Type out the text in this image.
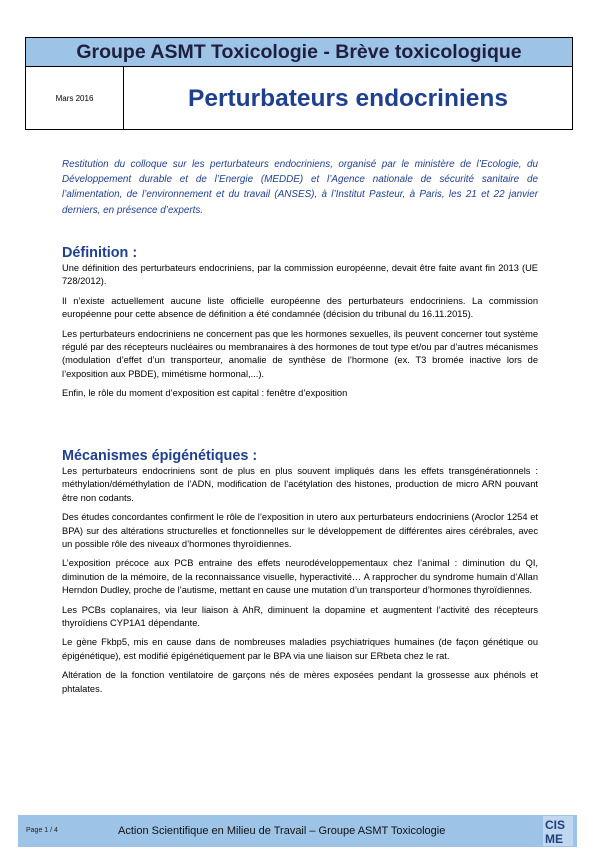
Groupe ASMT Toxicologie - Brève toxicologique
Mars 2016	Perturbateurs endocriniens
Restitution du colloque sur les perturbateurs endocriniens, organisé par le ministère de l’Ecologie, du Développement durable et de l’Energie (MEDDE) et l’Agence nationale de sécurité sanitaire de l’alimentation, de l’environnement et du travail (ANSES), à l’Institut Pasteur, à Paris, les 21 et 22 janvier derniers, en présence d’experts.
Définition :

Une définition des perturbateurs endocriniens, par la commission européenne, devait être faite avant fin 2013 (UE 728/2012).

Il n’existe actuellement aucune liste officielle européenne des perturbateurs endocriniens. La commission européenne pour cette absence de définition a été condamnée (décision du tribunal du 16.11.2015).

Les perturbateurs endocriniens ne concernent pas que les hormones sexuelles, ils peuvent concerner tout système régulé par des récepteurs nucléaires ou membranaires à des hormones de tout type et/ou par d’autres mécanismes (modulation d’effet d’un transporteur, anomalie de synthèse de l’hormone (ex. T3 bromée inactive lors de l’exposition aux PBDE), mimétisme hormonal,...).

Enfin, le rôle du moment d’exposition est capital : fenêtre d’exposition

Mécanismes épigénétiques :

Les perturbateurs endocriniens sont de plus en plus souvent impliqués dans les effets transgénérationnels : méthylation/déméthylation de l’ADN, modification de l’acétylation des histones, production de micro ARN pouvant être non codants.

Des études concordantes confirment le rôle de l’exposition in utero aux perturbateurs endocriniens (Aroclor 1254 et BPA) sur des altérations structurelles et fonctionnelles sur le développement de différentes aires cérébrales, avec un possible rôle des niveaux d’hormones thyroïdiennes.

L’exposition précoce aux PCB entraine des effets neurodéveloppementaux chez l’animal : diminution du QI, diminution de la mémoire, de la reconnaissance visuelle, hyperactivité… A rapprocher du syndrome humain d’Allan Herndon Dudley, proche de l’autisme, mettant en cause une mutation d’un transporteur d’hormones thyroïdiennes.

Les PCBs coplanaires, via leur liaison à AhR, diminuent la dopamine et augmentent l’activité des récepteurs thyroïdiens CYP1A1 dépendante.

Le gène Fkbp5, mis en cause dans de nombreuses maladies psychiatriques humaines (de façon génétique ou épigénétique), est modifié épigénétiquement par le BPA via une liaison sur ERbeta chez le rat.

Altération de la fonction ventilatoire de garçons nés de mères exposées pendant la grossesse aux phénols et phtalates.

Page 1 / 4	Action Scientifique en Milieu de Travail – Groupe ASMT Toxicologie	CIS
ME
